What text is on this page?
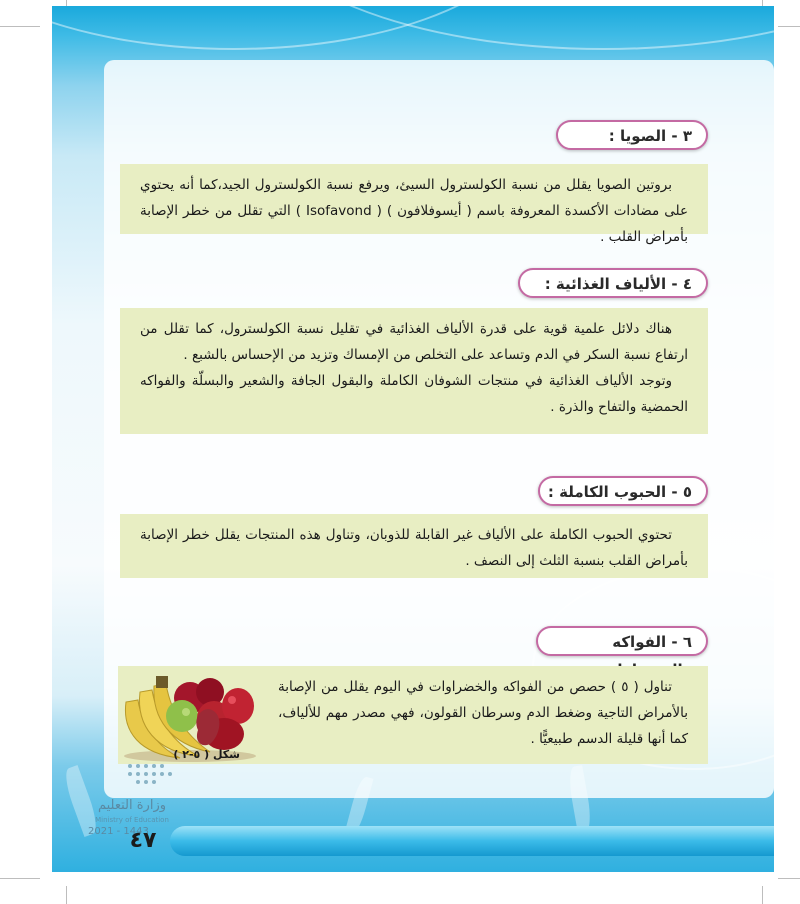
٣ - الصويا :

بروتين الصويا يقلل من نسبة الكولسترول السيئ، ويرفع نسبة الكولسترول الجيد،كما أنه يحتوي على مضادات الأكسدة المعروفة باسم ( أيسوفلافون ) ( Isofavond ) التي تقلل من خطر الإصابة بأمراض القلب .

٤ - الألياف الغذائية :

هناك دلائل علمية قوية على قدرة الألياف الغذائية في تقليل نسبة الكولسترول، كما تقلل من ارتفاع نسبة السكر في الدم وتساعد على التخلص من الإمساك وتزيد من الإحساس بالشبع .

وتوجد الألياف الغذائية في منتجات الشوفان الكاملة والبقول الجافة والشعير والبسلّة والفواكه الحمضية والتفاح والذرة .

٥ - الحبوب الكاملة :

تحتوي الحبوب الكاملة على الألياف غير القابلة للذوبان، وتناول هذه المنتجات يقلل خطر الإصابة بأمراض القلب بنسبة الثلث إلى النصف .

٦ - الفواكه

تناول ( ٥ ) حصص من الفواكه والخضراوات في اليوم يقلل من الإصابة بالأمراض التاجية وضغط الدم وسرطان القولون، فهي مصدر مهم للألياف، كما أنها قليلة الدسم طبيعيًّا .

شكل ( ٥-٢ )
وزارة التعليم
Ministry of Education
2021 - 1443
٤٧
